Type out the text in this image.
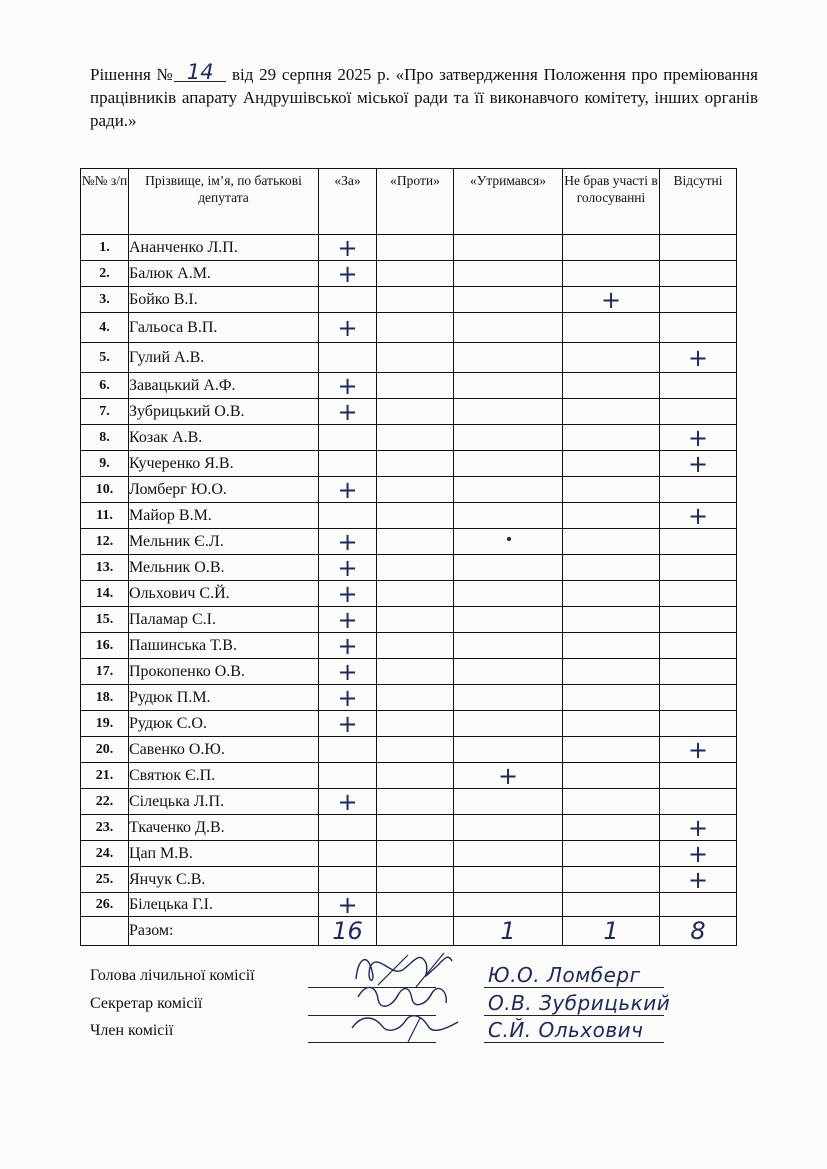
Рішення № 14 від 29 серпня 2025 р. «Про затвердження Положення про преміювання працівників апарату Андрушівської міської ради та її виконавчого комітету, інших органів ради.»
№№ з/п	Прізвище, ім’я, по батькові депутата	«За»	«Проти»	«Утримався»	Не брав участі в голосуванні	Відсутні
1.	Ананченко Л.П.	+				
2.	Балюк А.М.	+				
3.	Бойко В.І.				+	
4.	Гальоса В.П.	+				
5.	Гулий А.В.					+
6.	Завацький А.Ф.	+				
7.	Зубрицький О.В.	+				
8.	Козак А.В.					+
9.	Кучеренко Я.В.					+
10.	Ломберг Ю.О.	+				
11.	Майор В.М.					+
12.	Мельник Є.Л.	+				
13.	Мельник О.В.	+				
14.	Ольхович С.Й.	+				
15.	Паламар С.І.	+				
16.	Пашинська Т.В.	+				
17.	Прокопенко О.В.	+				
18.	Рудюк П.М.	+				
19.	Рудюк С.О.	+				
20.	Савенко О.Ю.					+
21.	Святюк Є.П.			+		
22.	Сілецька Л.П.	+				
23.	Ткаченко Д.В.					+
24.	Цап М.В.					+
25.	Янчук С.В.					+
26.	Білецька Г.І.	+				
	Разом:	16		1	1	8
Голова лічильної комісії	Ю.О. Ломберг
Секретар комісії	О.В. Зубрицький
Член комісії	С.Й. Ольхович
